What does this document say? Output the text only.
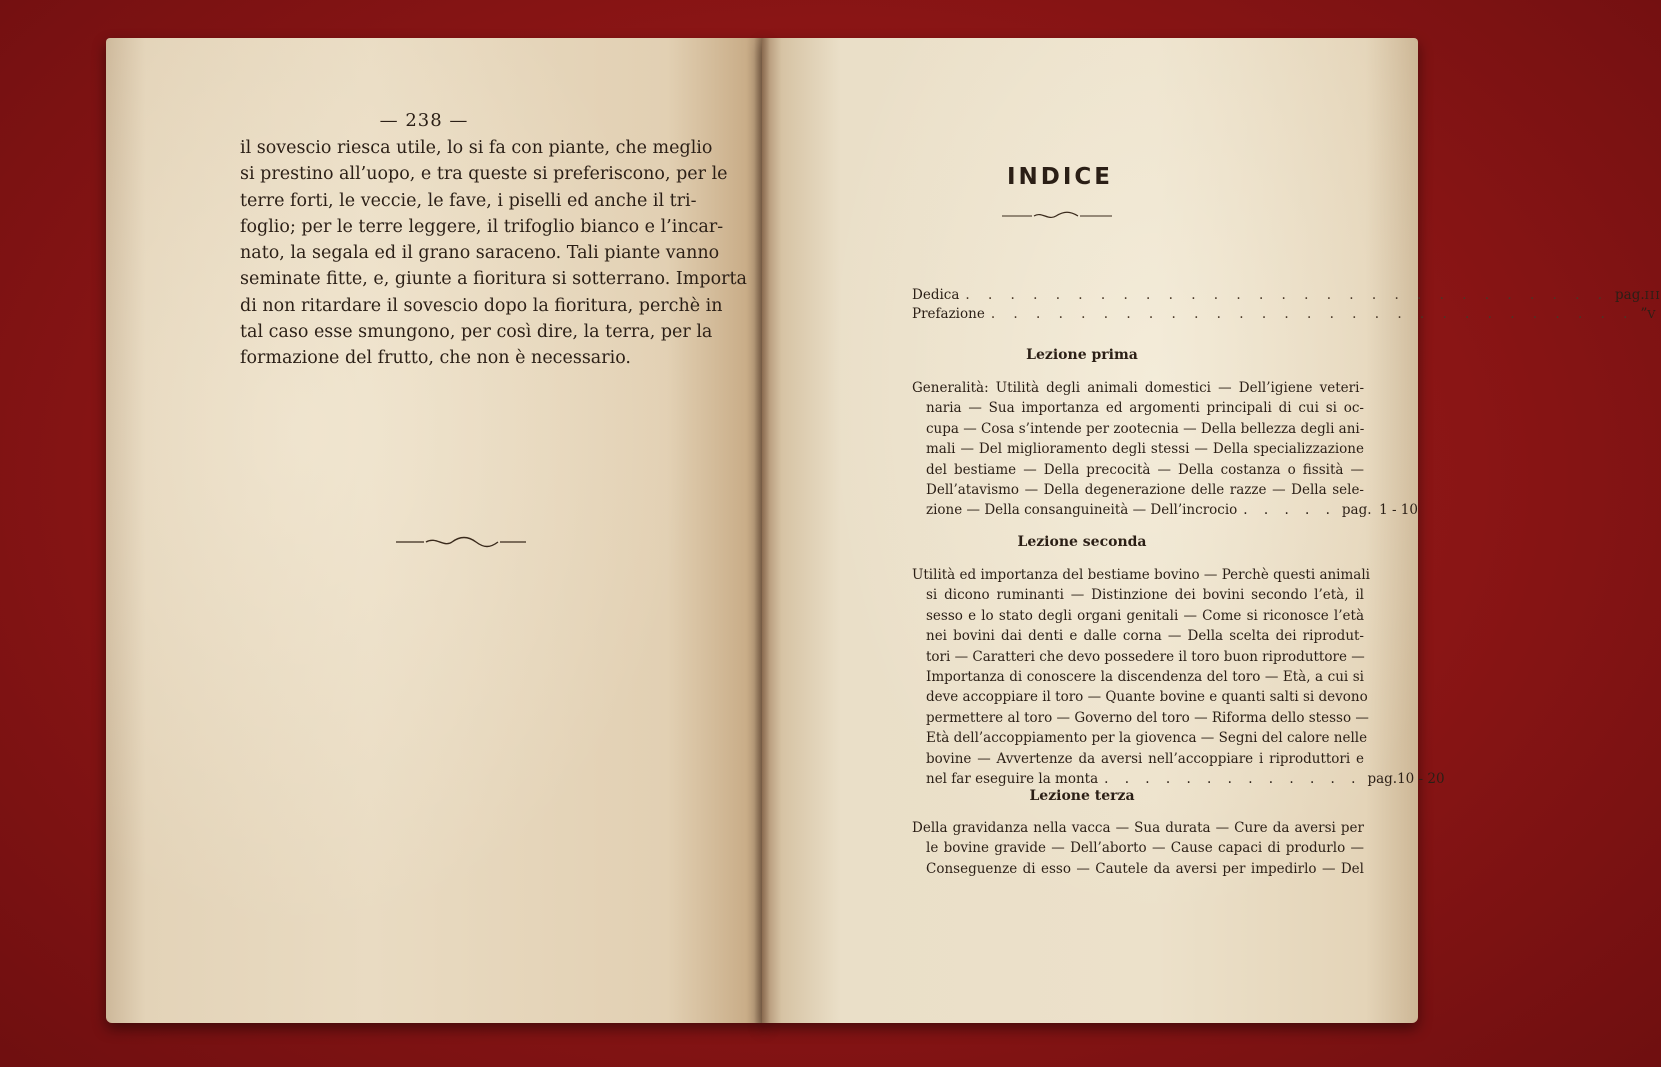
— 238 —
il sovescio riesca utile, lo si fa con piante, che meglio
si prestino all’uopo, e tra queste si preferiscono, per le
terre forti, le veccie, le fave, i piselli ed anche il tri-
foglio; per le terre leggere, il trifoglio bianco e l’incar-
nato, la segala ed il grano saraceno. Tali piante vanno
seminate fitte, e, giunte a fioritura si sotterrano. Importa
di non ritardare il sovescio dopo la fioritura, perchè in
tal caso esse smungono, per così dire, la terra, per la
formazione del frutto, che non è necessario.
INDICE
Dedica . . . . . . . . . . . . . . . . . . . . . . . . . . . . . pag. III
Prefazione . . . . . . . . . . . . . . . . . . . . . . . . . . . . . ” V
Lezione prima
Generalità: Utilità degli animali domestici — Dell’igiene veteri-
naria — Sua importanza ed argomenti principali di cui si oc-
cupa — Cosa s’intende per zootecnia — Della bellezza degli ani-
mali — Del miglioramento degli stessi — Della specializzazione
del bestiame — Della precocità — Della costanza o fissità —
Dell’atavismo — Della degenerazione delle razze — Della sele-
zione — Della consanguineità — Dell’incrocio . . . . . pag. 1 - 10
Lezione seconda
Utilità ed importanza del bestiame bovino — Perchè questi animali
si dicono ruminanti — Distinzione dei bovini secondo l’età, il
sesso e lo stato degli organi genitali — Come si riconosce l’età
nei bovini dai denti e dalle corna — Della scelta dei riprodut-
tori — Caratteri che devo possedere il toro buon riproduttore —
Importanza di conoscere la discendenza del toro — Età, a cui si
deve accoppiare il toro — Quante bovine e quanti salti si devono
permettere al toro — Governo del toro — Riforma dello stesso —
Età dell’accoppiamento per la giovenca — Segni del calore nelle
bovine — Avvertenze da aversi nell’accoppiare i riproduttori e
nel far eseguire la monta . . . . . . . . . . . . . pag. 10 - 20
Lezione terza
Della gravidanza nella vacca — Sua durata — Cure da aversi per
le bovine gravide — Dell’aborto — Cause capaci di produrlo —
Conseguenze di esso — Cautele da aversi per impedirlo — Del
